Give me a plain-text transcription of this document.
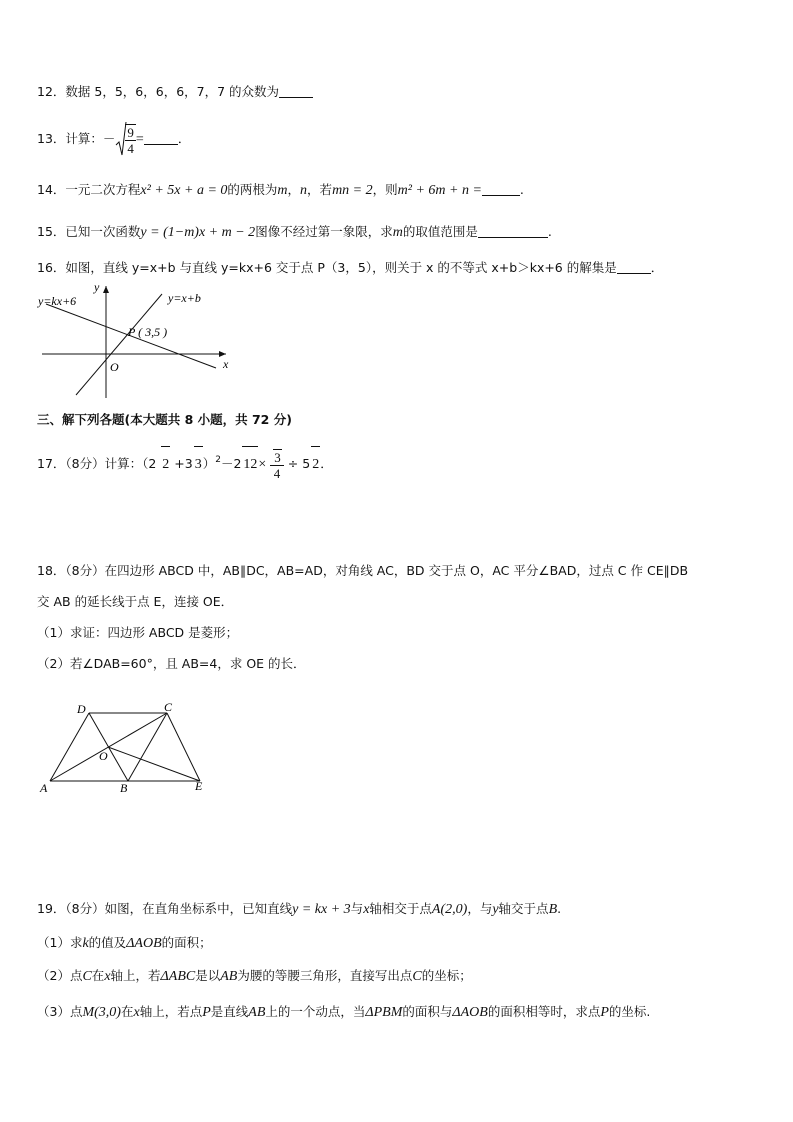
12．数据 5，5，6，6，6，7，7 的众数为
13．计算：－ $\frac{9}{4}$ =	．
14．一元二次方程x² + 5x + a = 0的两根为m，n，若mn = 2，则m² + 6m + n =	.
15．已知一次函数y = (1−m)x + m − 2图像不经过第一象限，求m的取值范围是	.
16．如图，直线 y=x+b 与直线 y=kx+6 交于点 P（3，5），则关于 x 的不等式 x+b＞kx+6 的解集是	．
y=kx+6	y=x+b
P ( 3,5 )
O	x
y
三、解下列各题(本大题共 8 小题，共 72 分)
17．（8分）计算：（2 2 +3 3）$^2$－2 $12\times \frac{3}{4} \div 5$ 2．
18．（8分）在四边形 ABCD 中，AB∥DC，AB=AD，对角线 AC，BD 交于点 O，AC 平分∠BAD，过点 C 作 CE∥DB
交 AB 的延长线于点 E，连接 OE．
（1）求证：四边形 ABCD 是菱形；
（2）若∠DAB=60°，且 AB=4，求 OE 的长．
A	B
C
D
E
O
19．（8分）如图，在直角坐标系中，已知直线y = kx + 3与x轴相交于点A(2,0)，与y轴交于点B.
（1）求k的值及ΔAOB的面积；
（2）点C在x轴上，若ΔABC是以AB为腰的等腰三角形，直接写出点C的坐标；
（3）点M(3,0)在x轴上，若点P是直线AB上的一个动点，当ΔPBM的面积与ΔAOB的面积相等时，求点P的坐标.
